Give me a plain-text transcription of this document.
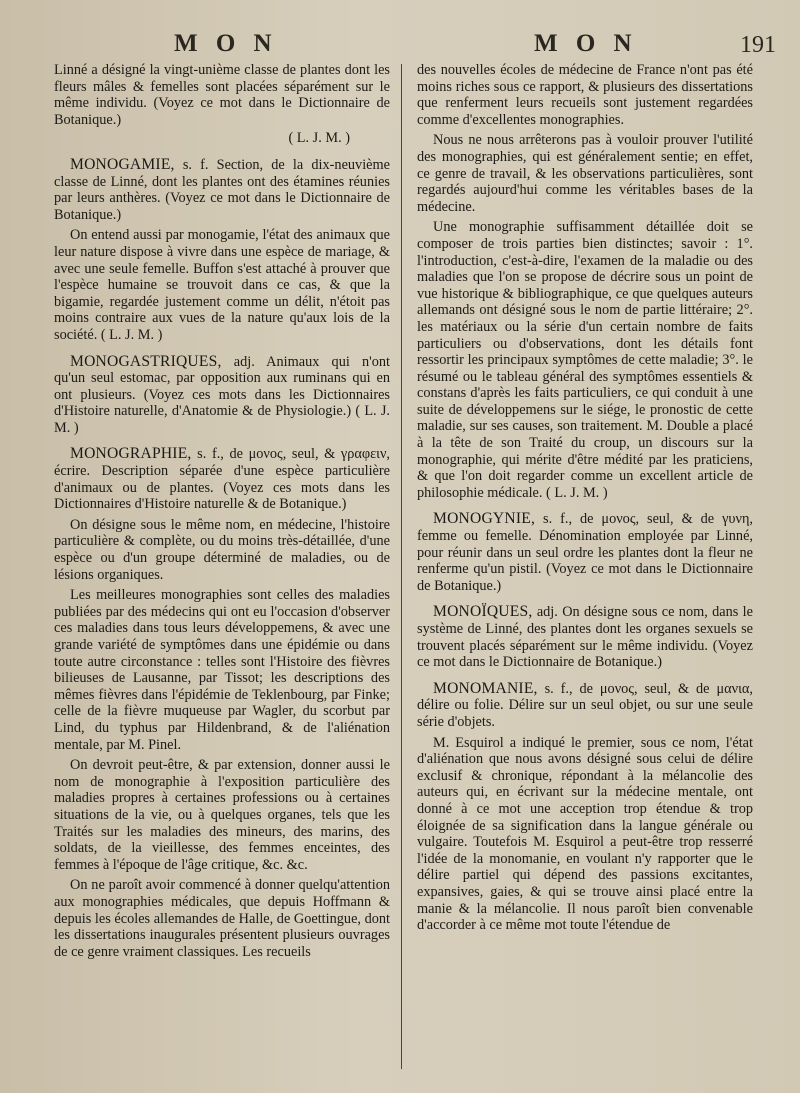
M O N	M O N	191

Linné a désigné la vingt-unième classe de plantes dont les fleurs mâles & femelles sont placées séparément sur le même individu. (Voyez ce mot dans le Dictionnaire de Botanique.)

( L. J. M. )

MONOGAMIE, s. f. Section, de la dix-neuvième classe de Linné, dont les plantes ont des étamines réunies par leurs anthères. (Voyez ce mot dans le Dictionnaire de Botanique.)

On entend aussi par monogamie, l'état des animaux que leur nature dispose à vivre dans une espèce de mariage, & avec une seule femelle. Buffon s'est attaché à prouver que l'espèce humaine se trouvoit dans ce cas, & que la bigamie, regardée justement comme un délit, n'étoit pas moins contraire aux vues de la nature qu'aux lois de la société. ( L. J. M. )

MONOGASTRIQUES, adj. Animaux qui n'ont qu'un seul estomac, par opposition aux ruminans qui en ont plusieurs. (Voyez ces mots dans les Dictionnaires d'Histoire naturelle, d'Anatomie & de Physiologie.) ( L. J. M. )

MONOGRAPHIE, s. f., de μονος, seul, & γραφειν, écrire. Description séparée d'une espèce particulière d'animaux ou de plantes. (Voyez ces mots dans les Dictionnaires d'Histoire naturelle & de Botanique.)

On désigne sous le même nom, en médecine, l'histoire particulière & complète, ou du moins très-détaillée, d'une espèce ou d'un groupe déterminé de maladies, ou de lésions organiques.

Les meilleures monographies sont celles des maladies publiées par des médecins qui ont eu l'occasion d'observer ces maladies dans tous leurs développemens, & avec une grande variété de symptômes dans une épidémie ou dans toute autre circonstance : telles sont l'Histoire des fièvres bilieuses de Lausanne, par Tissot; les descriptions des mêmes fièvres dans l'épidémie de Teklenbourg, par Finke; celle de la fièvre muqueuse par Wagler, du scorbut par Lind, du typhus par Hildenbrand, & de l'aliénation mentale, par M. Pinel.

On devroit peut-être, & par extension, donner aussi le nom de monographie à l'exposition particulière des maladies propres à certaines professions ou à certaines situations de la vie, ou à quelques organes, tels que les Traités sur les maladies des mineurs, des marins, des soldats, de la vieillesse, des femmes enceintes, des femmes à l'époque de l'âge critique, &c. &c.

On ne paroît avoir commencé à donner quelqu'attention aux monographies médicales, que depuis Hoffmann & depuis les écoles allemandes de Halle, de Goettingue, dont les dissertations inaugurales présentent plusieurs ouvrages de ce genre vraiment classiques. Les recueils

des nouvelles écoles de médecine de France n'ont pas été moins riches sous ce rapport, & plusieurs des dissertations que renferment leurs recueils sont justement regardées comme d'excellentes monographies.

Nous ne nous arrêterons pas à vouloir prouver l'utilité des monographies, qui est généralement sentie; en effet, ce genre de travail, & les observations particulières, sont regardés aujourd'hui comme les véritables bases de la médecine.

Une monographie suffisamment détaillée doit se composer de trois parties bien distinctes; savoir : 1°. l'introduction, c'est-à-dire, l'examen de la maladie ou des maladies que l'on se propose de décrire sous un point de vue historique & bibliographique, ce que quelques auteurs allemands ont désigné sous le nom de partie littéraire; 2°. les matériaux ou la série d'un certain nombre de faits particuliers ou d'observations, dont les détails font ressortir les principaux symptômes de cette maladie; 3°. le résumé ou le tableau général des symptômes essentiels & constans d'après les faits particuliers, ce qui conduit à une suite de développemens sur le siége, le pronostic de cette maladie, sur ses causes, son traitement. M. Double a placé à la tête de son Traité du croup, un discours sur la monographie, qui mérite d'être médité par les praticiens, & que l'on doit regarder comme un excellent article de philosophie médicale. ( L. J. M. )

MONOGYNIE, s. f., de μονος, seul, & de γυνη, femme ou femelle. Dénomination employée par Linné, pour réunir dans un seul ordre les plantes dont la fleur ne renferme qu'un pistil. (Voyez ce mot dans le Dictionnaire de Botanique.)

MONOÏQUES, adj. On désigne sous ce nom, dans le système de Linné, des plantes dont les organes sexuels se trouvent placés séparément sur le même individu. (Voyez ce mot dans le Dictionnaire de Botanique.)

MONOMANIE, s. f., de μονος, seul, & de μανια, délire ou folie. Délire sur un seul objet, ou sur une seule série d'objets.

M. Esquirol a indiqué le premier, sous ce nom, l'état d'aliénation que nous avons désigné sous celui de délire exclusif & chronique, répondant à la mélancolie des auteurs qui, en écrivant sur la médecine mentale, ont donné à ce mot une acception trop étendue & trop éloignée de sa signification dans la langue générale ou vulgaire. Toutefois M. Esquirol a peut-être trop resserré l'idée de la monomanie, en voulant n'y rapporter que le délire partiel qui dépend des passions excitantes, expansives, gaies, & qui se trouve ainsi placé entre la manie & la mélancolie. Il nous paroît bien convenable d'accorder à ce même mot toute l'étendue de
